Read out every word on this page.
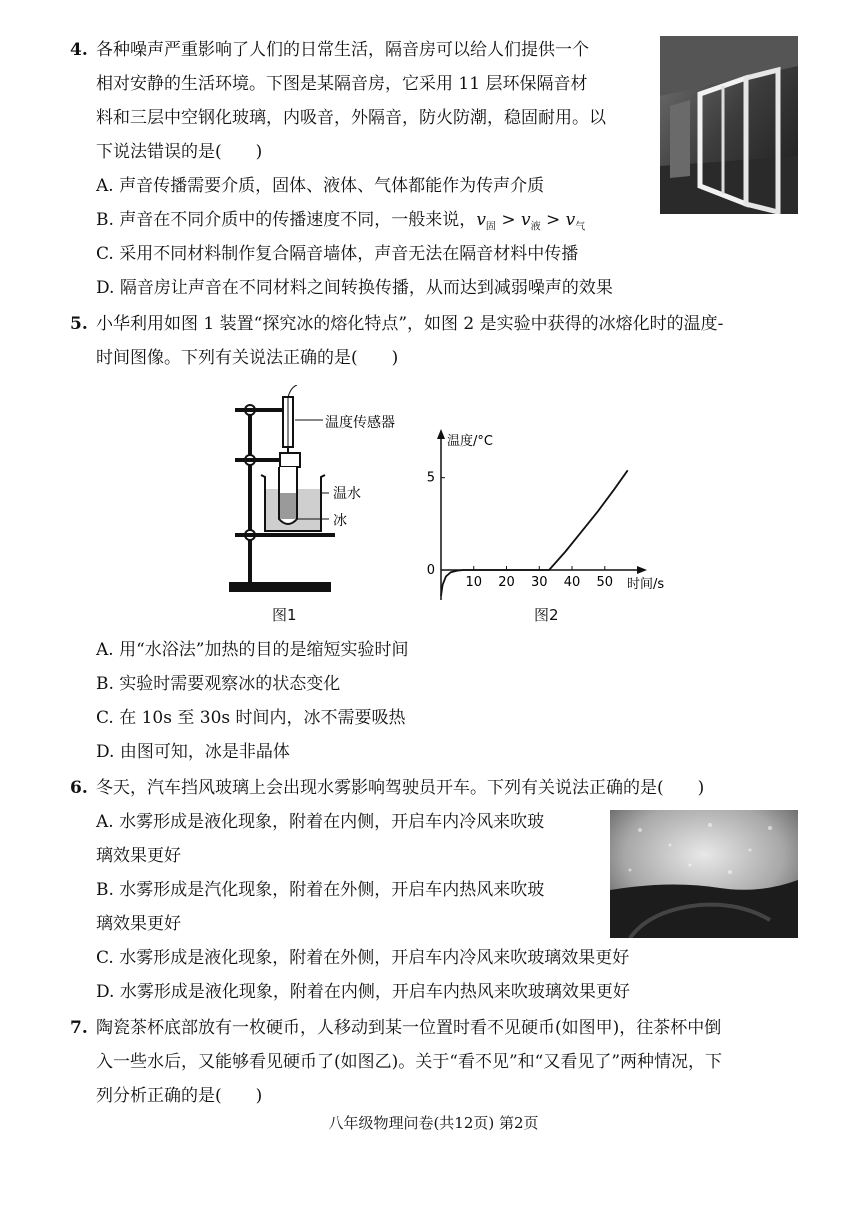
4. 各种噪声严重影响了人们的日常生活，隔音房可以给人们提供一个
相对安静的生活环境。下图是某隔音房，它采用 11 层环保隔音材
料和三层中空钢化玻璃，内吸音，外隔音，防火防潮，稳固耐用。以
下说法错误的是(　　)
A. 声音传播需要介质，固体、液体、气体都能作为传声介质
B. 声音在不同介质中的传播速度不同，一般来说，$v_固 > v_液 > v_气$
C. 采用不同材料制作复合隔音墙体，声音无法在隔音材料中传播
D. 隔音房让声音在不同材料之间转换传播，从而达到减弱噪声的效果
5. 小华利用如图 1 装置“探究冰的熔化特点”，如图 2 是实验中获得的冰熔化时的温度-
时间图像。下列有关说法正确的是(　　)
温度传感器
温水
冰
图1
10 20 30 40 50
0
5
温度/°C
时间/s
图2
A. 用“水浴法”加热的目的是缩短实验时间
B. 实验时需要观察冰的状态变化
C. 在 10s 至 30s 时间内，冰不需要吸热
D. 由图可知，冰是非晶体
6. 冬天，汽车挡风玻璃上会出现水雾影响驾驶员开车。下列有关说法正确的是(　　)
A. 水雾形成是液化现象，附着在内侧，开启车内冷风来吹玻
璃效果更好
B. 水雾形成是汽化现象，附着在外侧，开启车内热风来吹玻
璃效果更好
C. 水雾形成是液化现象，附着在外侧，开启车内冷风来吹玻璃效果更好
D. 水雾形成是液化现象，附着在内侧，开启车内热风来吹玻璃效果更好
7. 陶瓷茶杯底部放有一枚硬币，人移动到某一位置时看不见硬币(如图甲)，往茶杯中倒
入一些水后，又能够看见硬币了(如图乙)。关于“看不见”和“又看见了”两种情况，下
列分析正确的是(　　)
八年级物理问卷(共12页) 第2页
